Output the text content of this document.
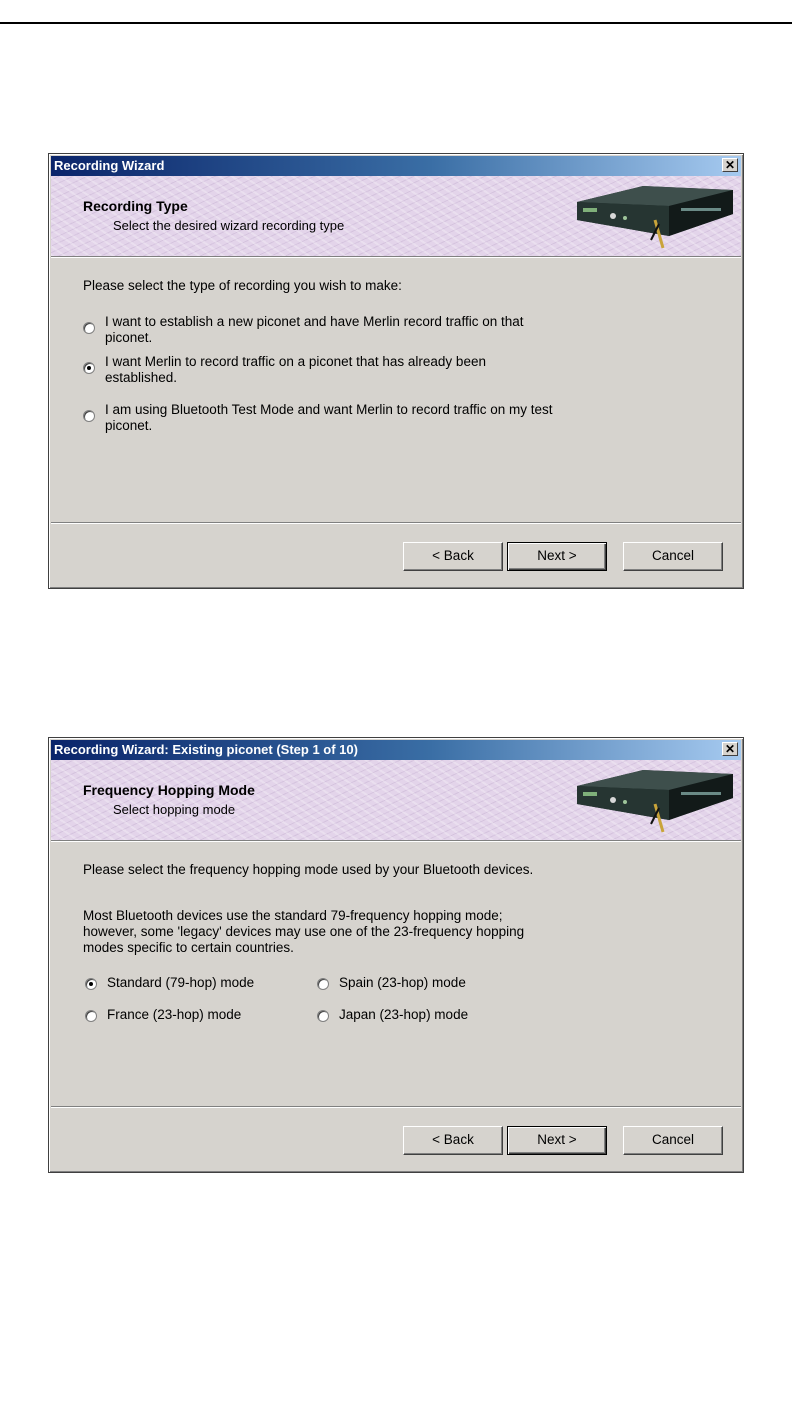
Recording Wizard	✕
Recording Type
Select the desired wizard recording type
Please select the type of recording you wish to make:
I want to establish a new piconet and have Merlin record traffic on that
piconet.
I want Merlin to record traffic on a piconet that has already been
established.
I am using Bluetooth Test Mode and want Merlin to record traffic on my test
piconet.
< Back	Next >	Cancel
Recording Wizard: Existing piconet (Step 1 of 10)	✕
Frequency Hopping Mode
Select hopping mode
Please select the frequency hopping mode used by your Bluetooth devices.
Most Bluetooth devices use the standard 79-frequency hopping mode;
however, some 'legacy' devices may use one of the 23-frequency hopping
modes specific to certain countries.
Standard (79-hop) mode	Spain (23-hop) mode
France (23-hop) mode	Japan (23-hop) mode
< Back	Next >	Cancel
